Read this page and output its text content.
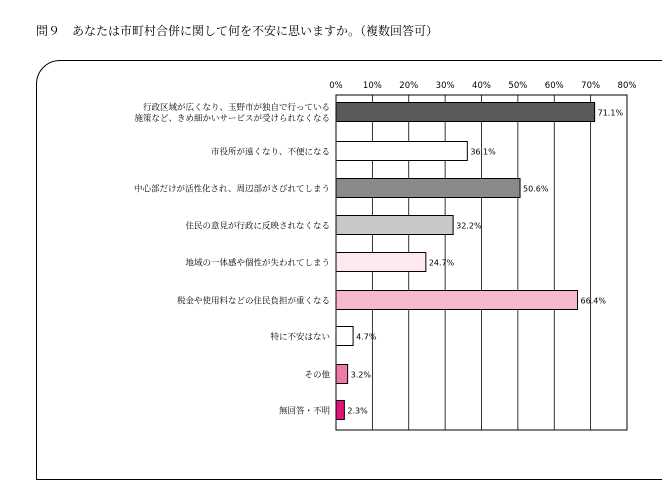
問９　あなたは市町村合併に関して何を不安に思いますか。（複数回答可）
0% 10% 20% 30% 40% 50% 60% 70% 80%
行政区域が広くなり、玉野市が独自で行っている施策など、きめ細かいサービスが受けられなくなる
市役所が遠くなり、不便になる
中心部だけが活性化され、周辺部がさびれてしまう
住民の意見が行政に反映されなくなる
地域の一体感や個性が失われてしまう
税金や使用料などの住民負担が重くなる
特に不安はない
その他
無回答・不明
71.1%
36.1%
50.6%
32.2%
24.7%
66.4%
4.7%
3.2%
2.3%
